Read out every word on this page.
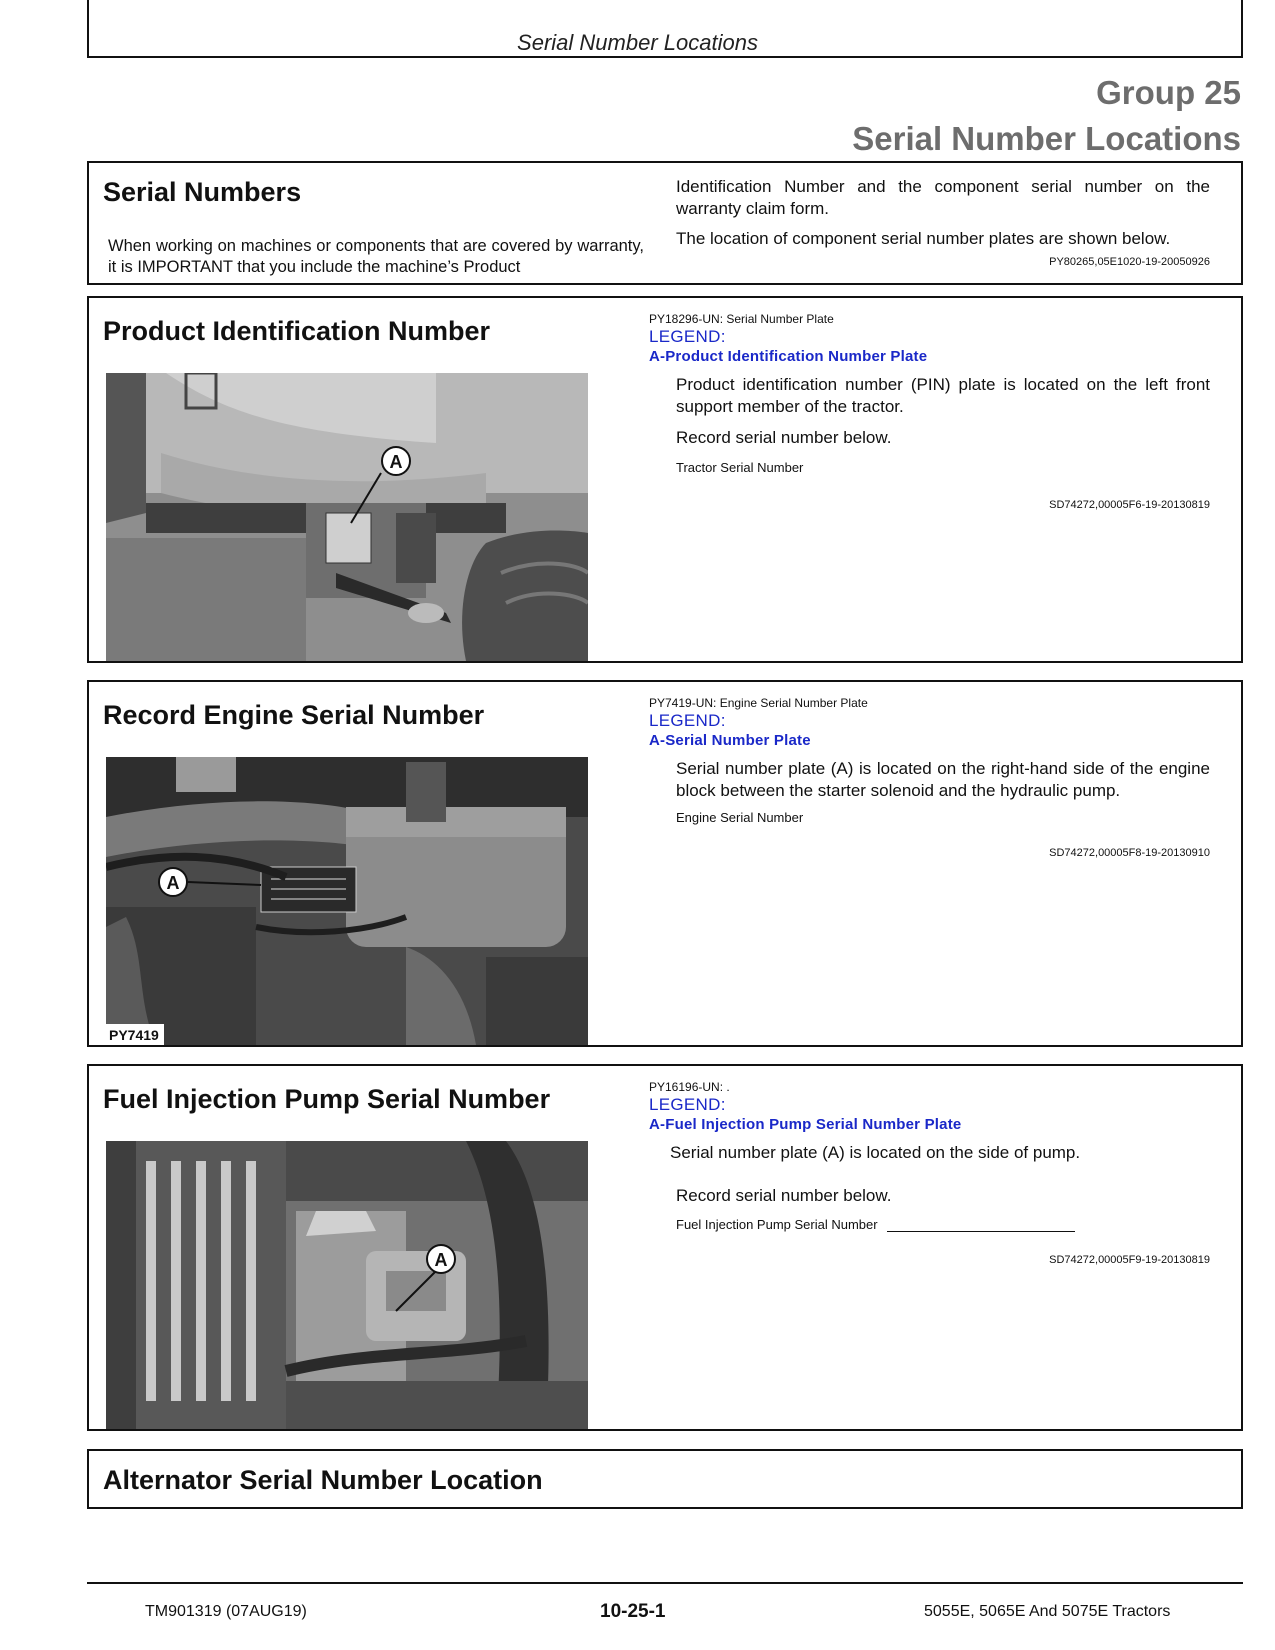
Serial Number Locations
Group 25
Serial Number Locations
Serial Numbers
When working on machines or components that are covered by warranty, it is IMPORTANT that you include the machine’s Product
Identification Number and the component serial number on the warranty claim form.
The location of component serial number plates are shown below.
PY80265,05E1020-19-20050926
Product Identification Number
A
PY18296-UN: Serial Number Plate
LEGEND:
A-Product Identification Number Plate
Product identification number (PIN) plate is located on the left front support member of the tractor.
Record serial number below.
Tractor Serial Number
SD74272,00005F6-19-20130819
Record Engine Serial Number
A
PY7419
PY7419-UN: Engine Serial Number Plate
LEGEND:
A-Serial Number Plate
Serial number plate (A) is located on the right-hand side of the engine block between the starter solenoid and the hydraulic pump.
Engine Serial Number
SD74272,00005F8-19-20130910
Fuel Injection Pump Serial Number
A
PY16196-UN: .
LEGEND:
A-Fuel Injection Pump Serial Number Plate
Serial number plate (A) is located on the side of pump.
Record serial number below.
Fuel Injection Pump Serial Number
SD74272,00005F9-19-20130819
Alternator Serial Number Location
TM901319 (07AUG19)	10-25-1	5055E, 5065E And 5075E Tractors
